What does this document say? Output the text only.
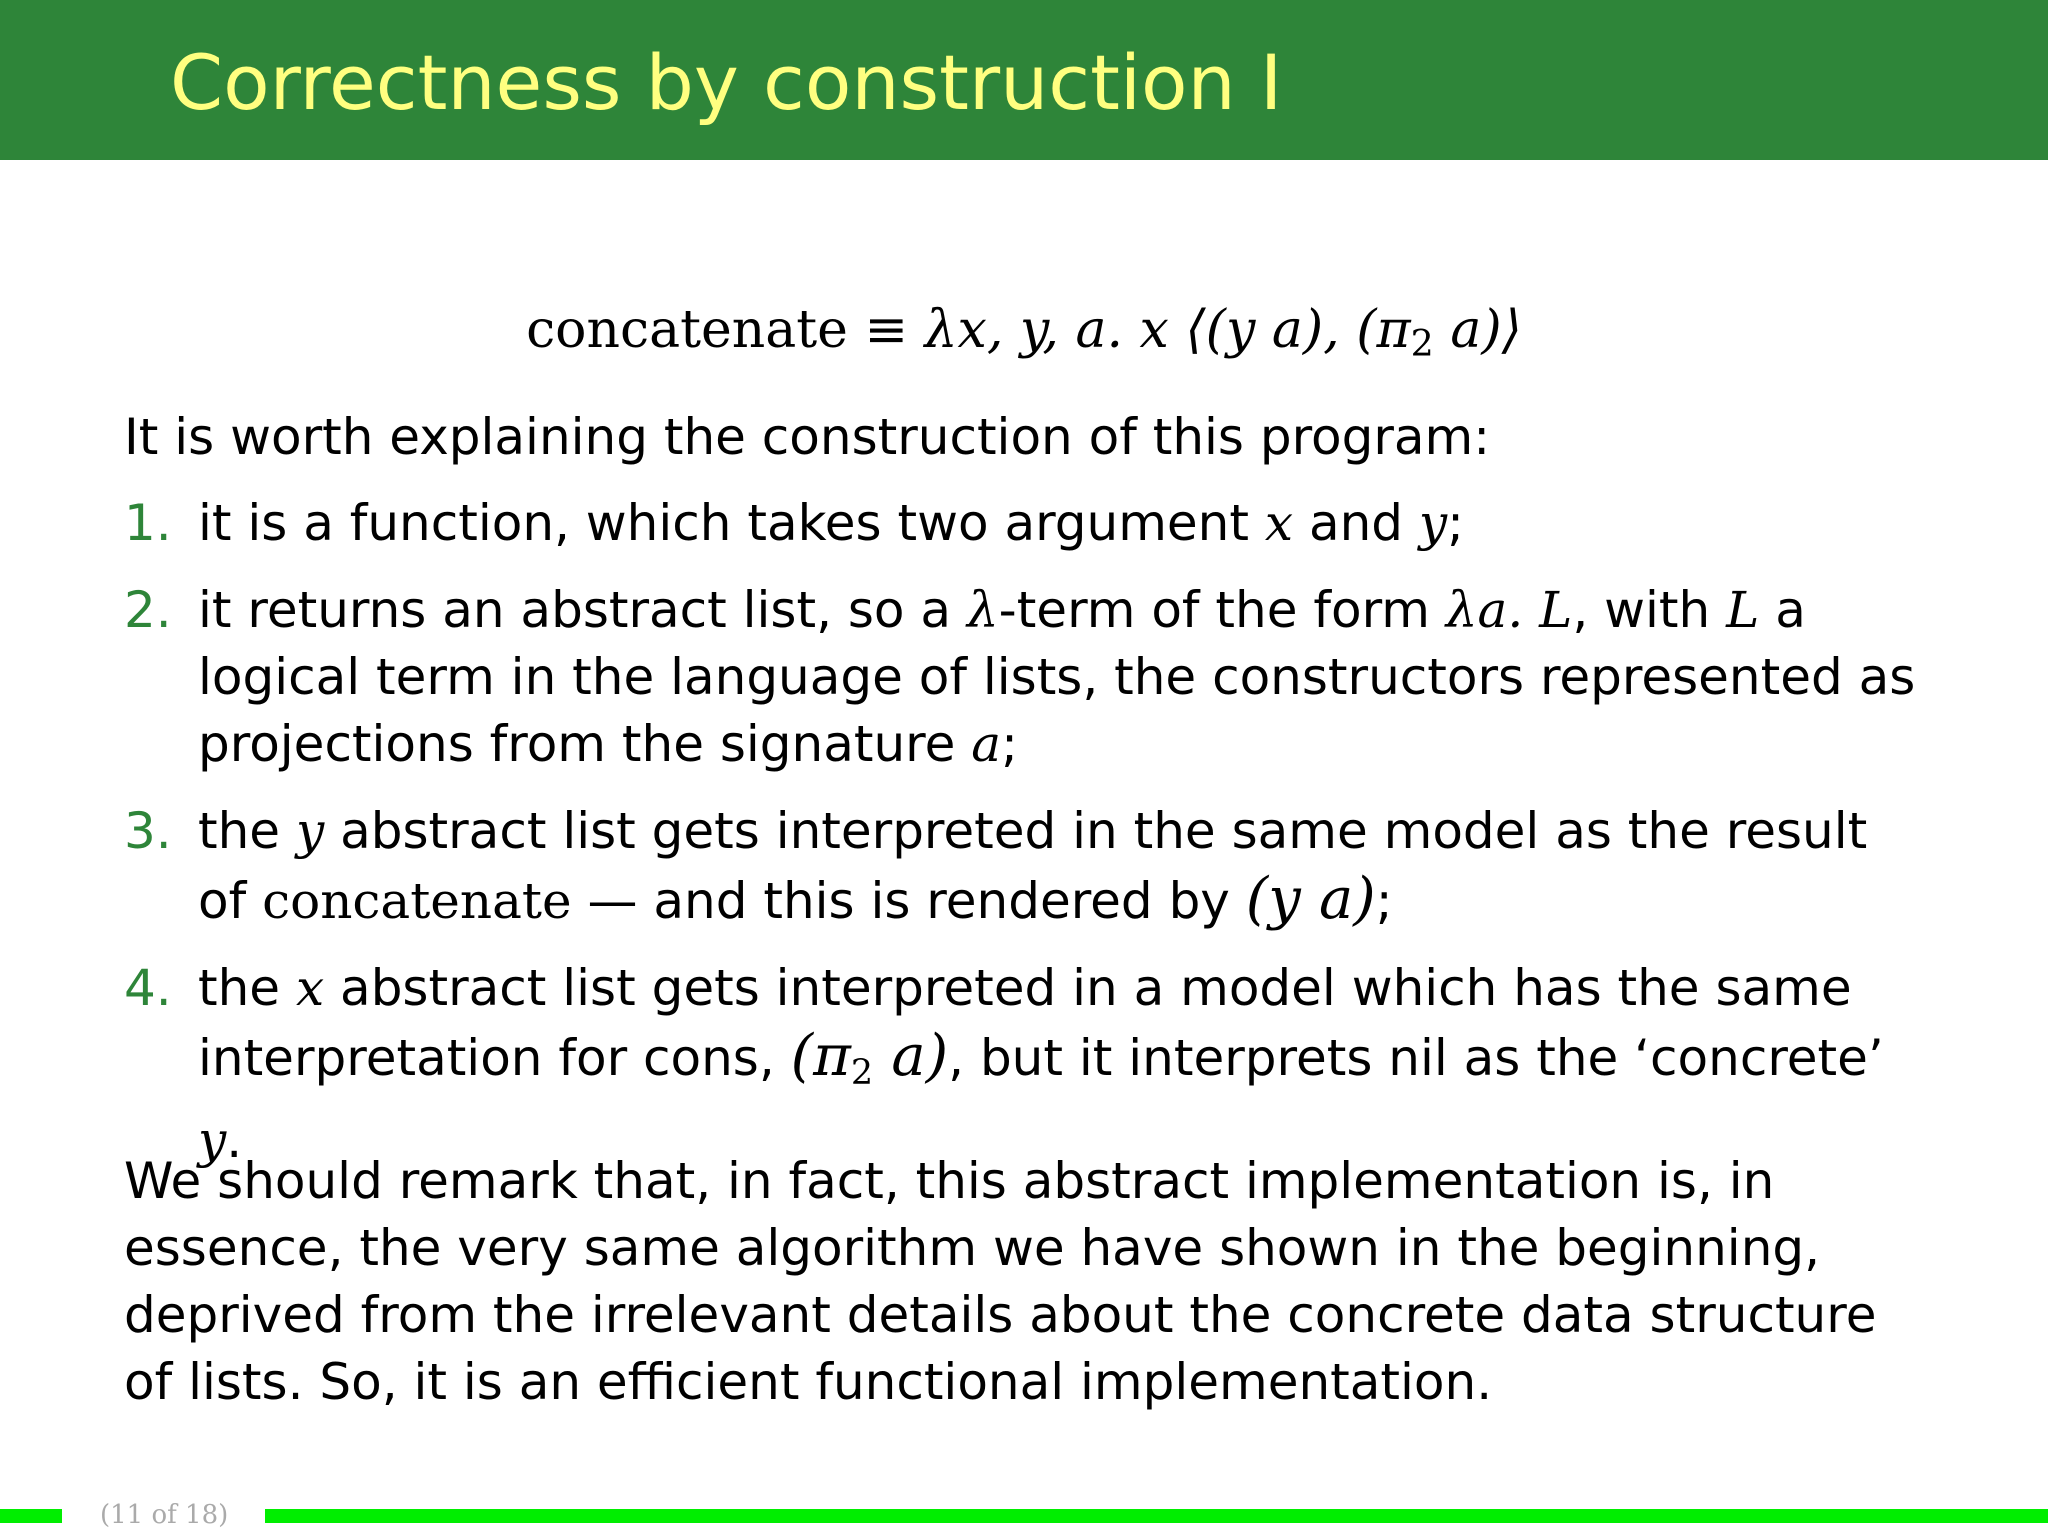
Correctness by construction I
concatenate ≡ λx, y, a. x ⟨(y a), ($\pi_2$ a)⟩
It is worth explaining the construction of this program:
1. it is a function, which takes two argument x and y;
2. it returns an abstract list, so a λ-term of the form λa. L, with L a logical term in the language of lists, the constructors represented as projections from the signature a;
3. the y abstract list gets interpreted in the same model as the result of concatenate — and this is rendered by (y a);
4. the x abstract list gets interpreted in a model which has the same interpretation for cons, ($\pi_2$ a), but it interprets nil as the ‘concrete’ y.
We should remark that, in fact, this abstract implementation is, in essence, the very same algorithm we have shown in the beginning, deprived from the irrelevant details about the concrete data structure of lists. So, it is an efficient functional implementation.
(11 of 18)
